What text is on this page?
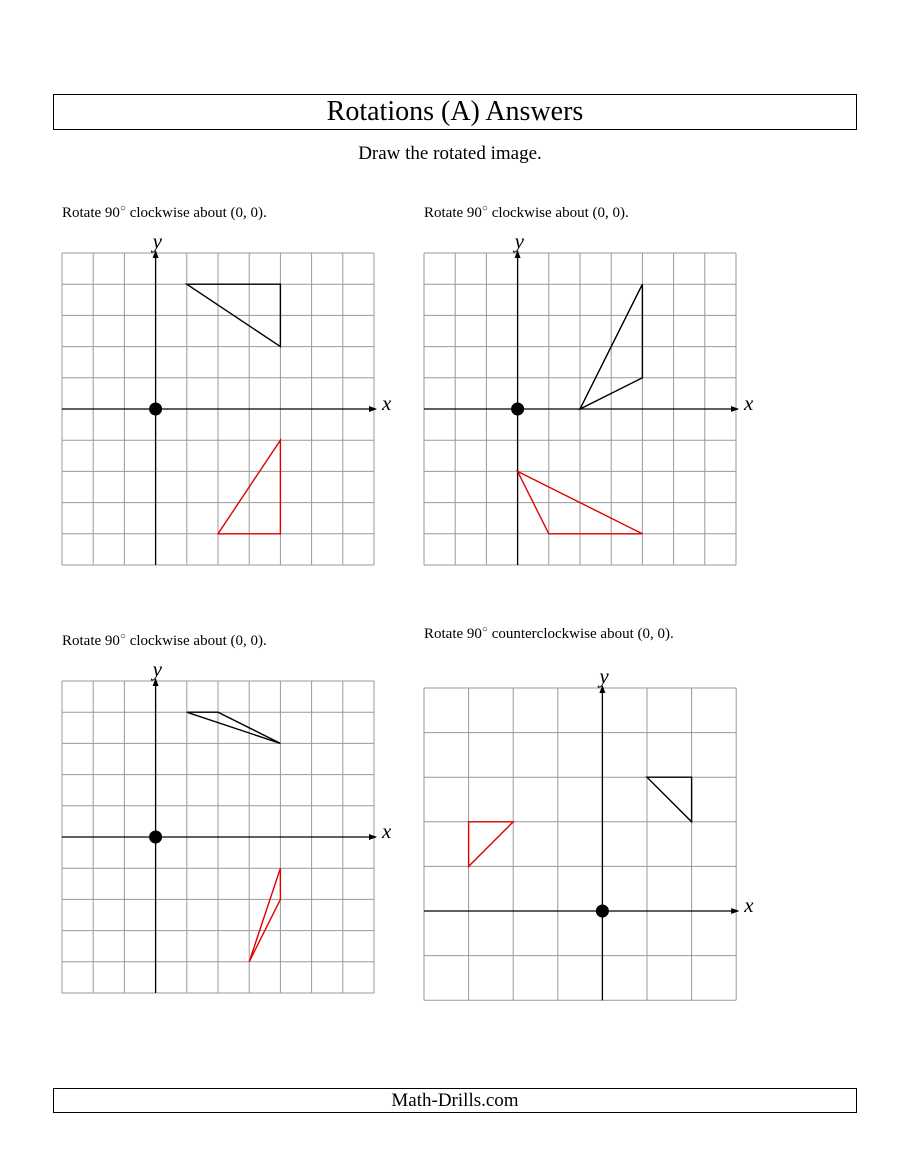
Rotations (A) Answers
Draw the rotated image.
Rotate 90○ clockwise about (0, 0).	Rotate 90○ clockwise about (0, 0).
Rotate 90○ clockwise about (0, 0).	Rotate 90○ counterclockwise about (0, 0).
x
y
x
y
x
y
x
y
Math-Drills.com
